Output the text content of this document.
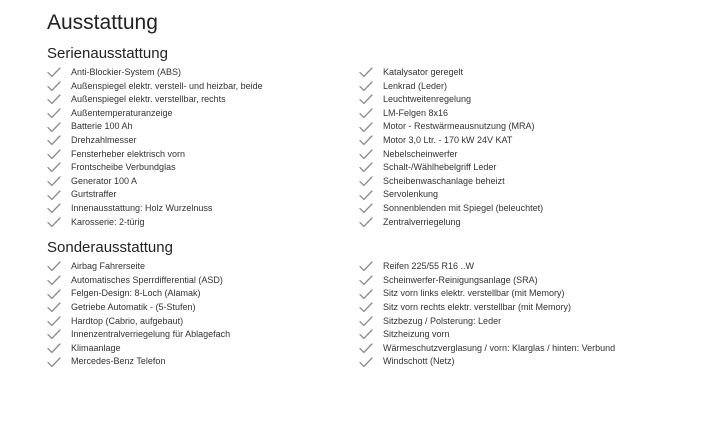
Ausstattung
Serienausstattung
Anti-Blockier-System (ABS)
Außenspiegel elektr. verstell- und heizbar, beide
Außenspiegel elektr. verstellbar, rechts
Außentemperaturanzeige
Batterie 100 Ah
Drehzahlmesser
Fensterheber elektrisch vorn
Frontscheibe Verbundglas
Generator 100 A
Gurtstraffer
Innenausstattung: Holz Wurzelnuss
Karosserie: 2-türig
Katalysator geregelt
Lenkrad (Leder)
Leuchtweitenregelung
LM-Felgen 8x16
Motor - Restwärmeausnutzung (MRA)
Motor 3,0 Ltr. - 170 kW 24V KAT
Nebelscheinwerfer
Schalt-/Wählhebelgriff Leder
Scheibenwaschanlage beheizt
Servolenkung
Sonnenblenden mit Spiegel (beleuchtet)
Zentralverriegelung
Sonderausstattung
Airbag Fahrerseite
Automatisches Sperrdifferential (ASD)
Felgen-Design: 8-Loch (Alamak)
Getriebe Automatik - (5-Stufen)
Hardtop (Cabrio, aufgebaut)
Innenzentralverriegelung für Ablagefach
Klimaanlage
Mercedes-Benz Telefon
Reifen 225/55 R16 ..W
Scheinwerfer-Reinigungsanlage (SRA)
Sitz vorn links elektr. verstellbar (mit Memory)
Sitz vorn rechts elektr. verstellbar (mit Memory)
Sitzbezug / Polsterung: Leder
Sitzheizung vorn
Wärmeschutzverglasung / vorn: Klarglas / hinten: Verbund
Windschott (Netz)
